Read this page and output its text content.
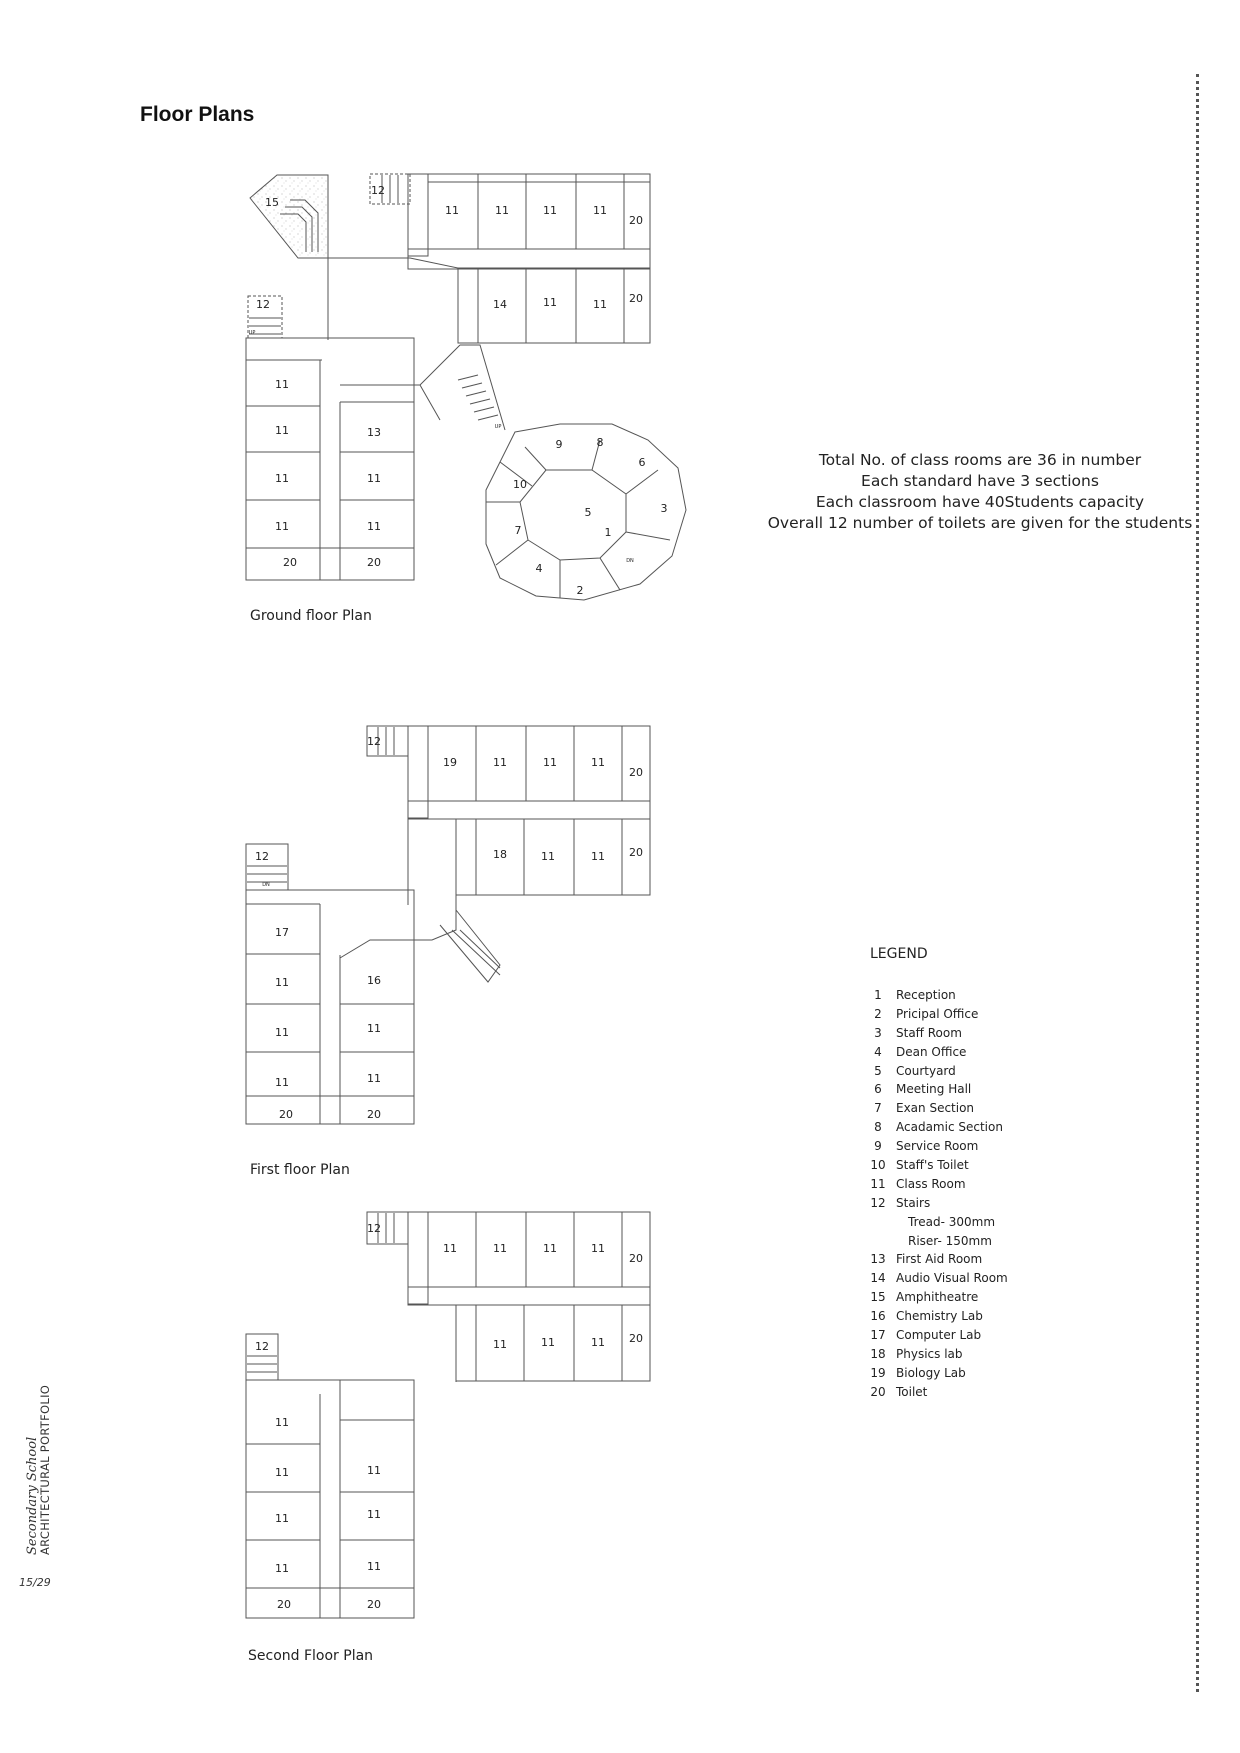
Floor Plans
15
12
11	11	11	11
20
14	11	11 20
12
11
11
11
11
13
11
11
20	20
9	8
6
10
5	3
7	1
4
2
UP
UP
DN
Ground floor Plan
12
19	11	11	11
20
18	11	11 20
12
17
11
11
11
16
11
11
20	20
DN
First floor Plan
12
11	11	11	11
20
11	11	11 20
12
11
11
11
11
11
11
11
20	20
Second Floor Plan
Total No. of class rooms are 36 in number
Each standard have 3 sections
Each classroom have 40Students capacity
Overall 12 number of toilets are given for the students
LEGEND
1 Reception
2 Pricipal Office
3 Staff Room
4 Dean Office
5 Courtyard
6 Meeting Hall
7 Exan Section
8 Acadamic Section
9 Service Room
10 Staff's Toilet
11 Class Room
12 Stairs
Tread- 300mm
Riser- 150mm
13 First Aid Room
14 Audio Visual Room
15 Amphitheatre
16 Chemistry Lab
17 Computer Lab
18 Physics lab
19 Biology Lab
20 Toilet
Secondary School
ARCHITECTURAL PORTFOLIO
15/29
